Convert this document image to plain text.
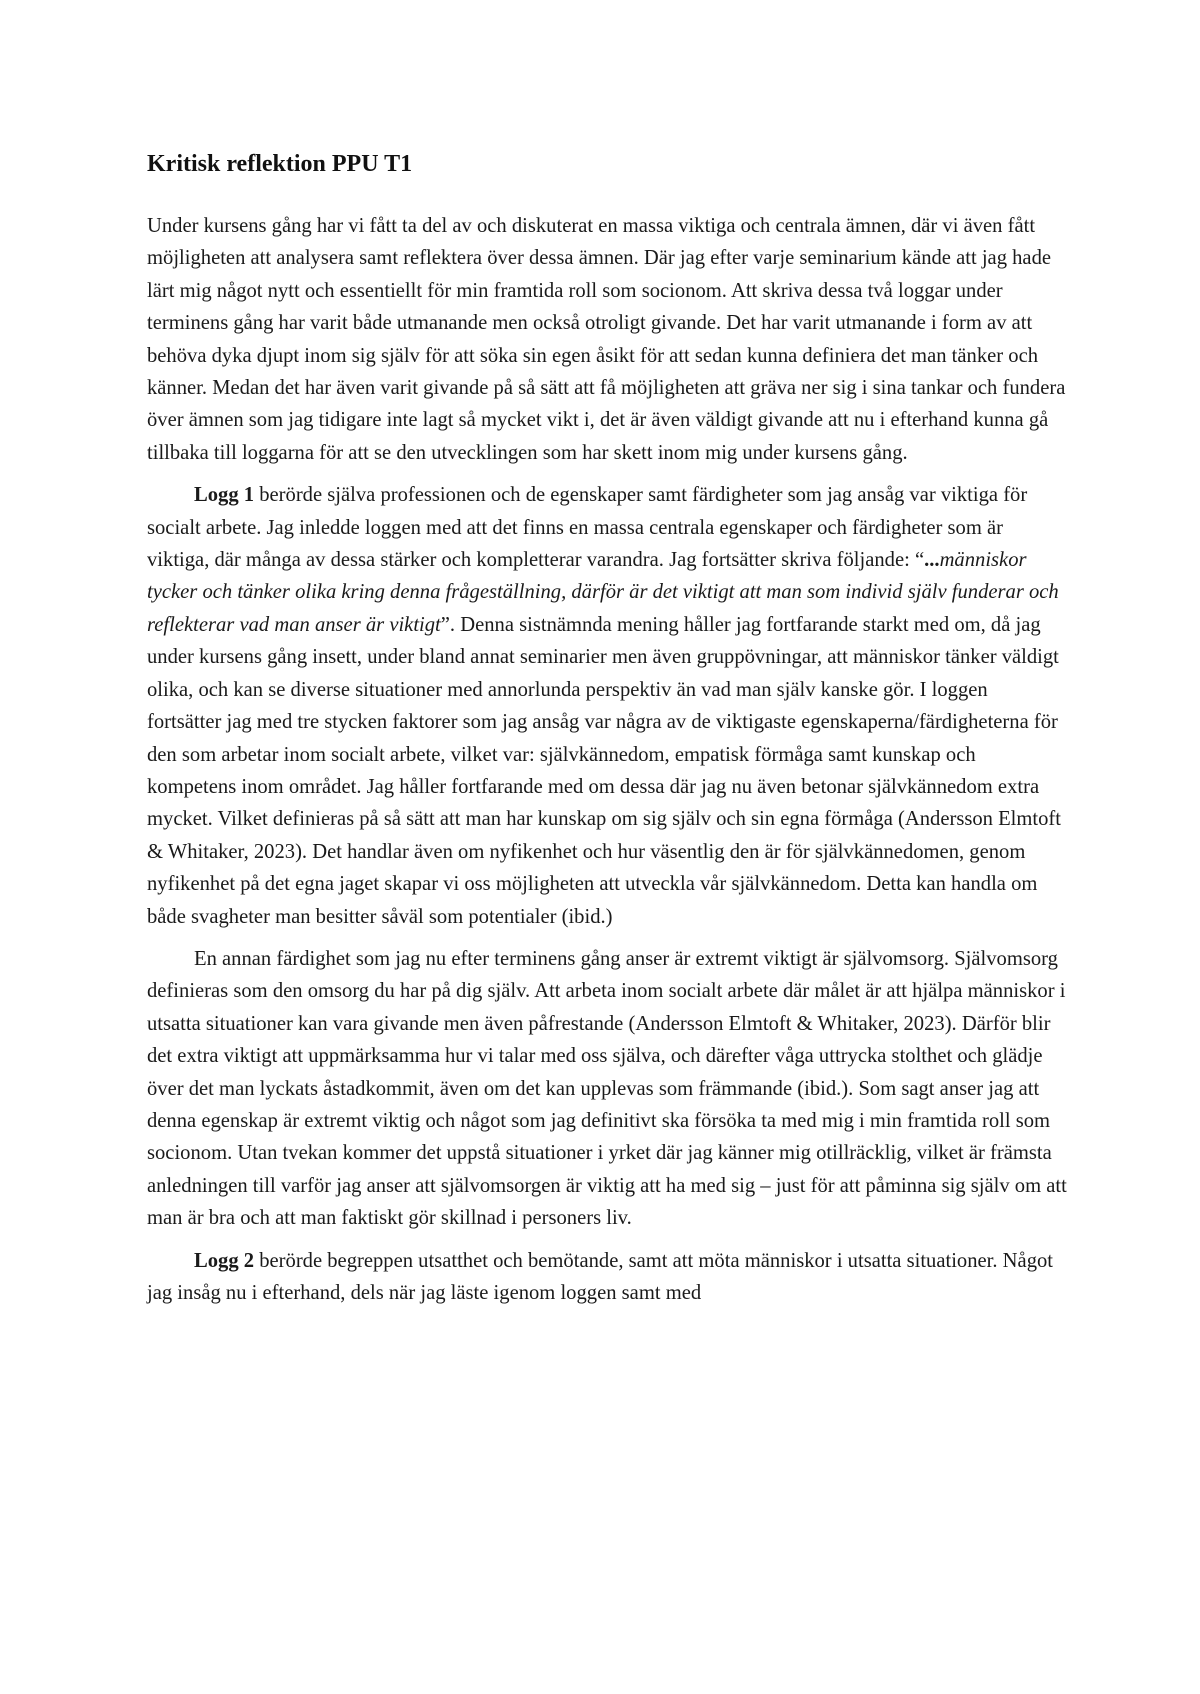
Kritisk reflektion PPU T1

Under kursens gång har vi fått ta del av och diskuterat en massa viktiga och centrala ämnen, där vi även fått möjligheten att analysera samt reflektera över dessa ämnen. Där jag efter varje seminarium kände att jag hade lärt mig något nytt och essentiellt för min framtida roll som socionom. Att skriva dessa två loggar under terminens gång har varit både utmanande men också otroligt givande. Det har varit utmanande i form av att behöva dyka djupt inom sig själv för att söka sin egen åsikt för att sedan kunna definiera det man tänker och känner. Medan det har även varit givande på så sätt att få möjligheten att gräva ner sig i sina tankar och fundera över ämnen som jag tidigare inte lagt så mycket vikt i, det är även väldigt givande att nu i efterhand kunna gå tillbaka till loggarna för att se den utvecklingen som har skett inom mig under kursens gång.

Logg 1 berörde själva professionen och de egenskaper samt färdigheter som jag ansåg var viktiga för socialt arbete. Jag inledde loggen med att det finns en massa centrala egenskaper och färdigheter som är viktiga, där många av dessa stärker och kompletterar varandra. Jag fortsätter skriva följande: “...människor tycker och tänker olika kring denna frågeställning, därför är det viktigt att man som individ själv funderar och reflekterar vad man anser är viktigt”. Denna sistnämnda mening håller jag fortfarande starkt med om, då jag under kursens gång insett, under bland annat seminarier men även gruppövningar, att människor tänker väldigt olika, och kan se diverse situationer med annorlunda perspektiv än vad man själv kanske gör. I loggen fortsätter jag med tre stycken faktorer som jag ansåg var några av de viktigaste egenskaperna/färdigheterna för den som arbetar inom socialt arbete, vilket var: självkännedom, empatisk förmåga samt kunskap och kompetens inom området. Jag håller fortfarande med om dessa där jag nu även betonar självkännedom extra mycket. Vilket definieras på så sätt att man har kunskap om sig själv och sin egna förmåga (Andersson Elmtoft & Whitaker, 2023). Det handlar även om nyfikenhet och hur väsentlig den är för självkännedomen, genom nyfikenhet på det egna jaget skapar vi oss möjligheten att utveckla vår självkännedom. Detta kan handla om både svagheter man besitter såväl som potentialer (ibid.)

En annan färdighet som jag nu efter terminens gång anser är extremt viktigt är självomsorg. Självomsorg definieras som den omsorg du har på dig själv. Att arbeta inom socialt arbete där målet är att hjälpa människor i utsatta situationer kan vara givande men även påfrestande (Andersson Elmtoft & Whitaker, 2023). Därför blir det extra viktigt att uppmärksamma hur vi talar med oss själva, och därefter våga uttrycka stolthet och glädje över det man lyckats åstadkommit, även om det kan upplevas som främmande (ibid.). Som sagt anser jag att denna egenskap är extremt viktig och något som jag definitivt ska försöka ta med mig i min framtida roll som socionom. Utan tvekan kommer det uppstå situationer i yrket där jag känner mig otillräcklig, vilket är främsta anledningen till varför jag anser att självomsorgen är viktig att ha med sig – just för att påminna sig själv om att man är bra och att man faktiskt gör skillnad i personers liv.

Logg 2 berörde begreppen utsatthet och bemötande, samt att möta människor i utsatta situationer. Något jag insåg nu i efterhand, dels när jag läste igenom loggen samt med
